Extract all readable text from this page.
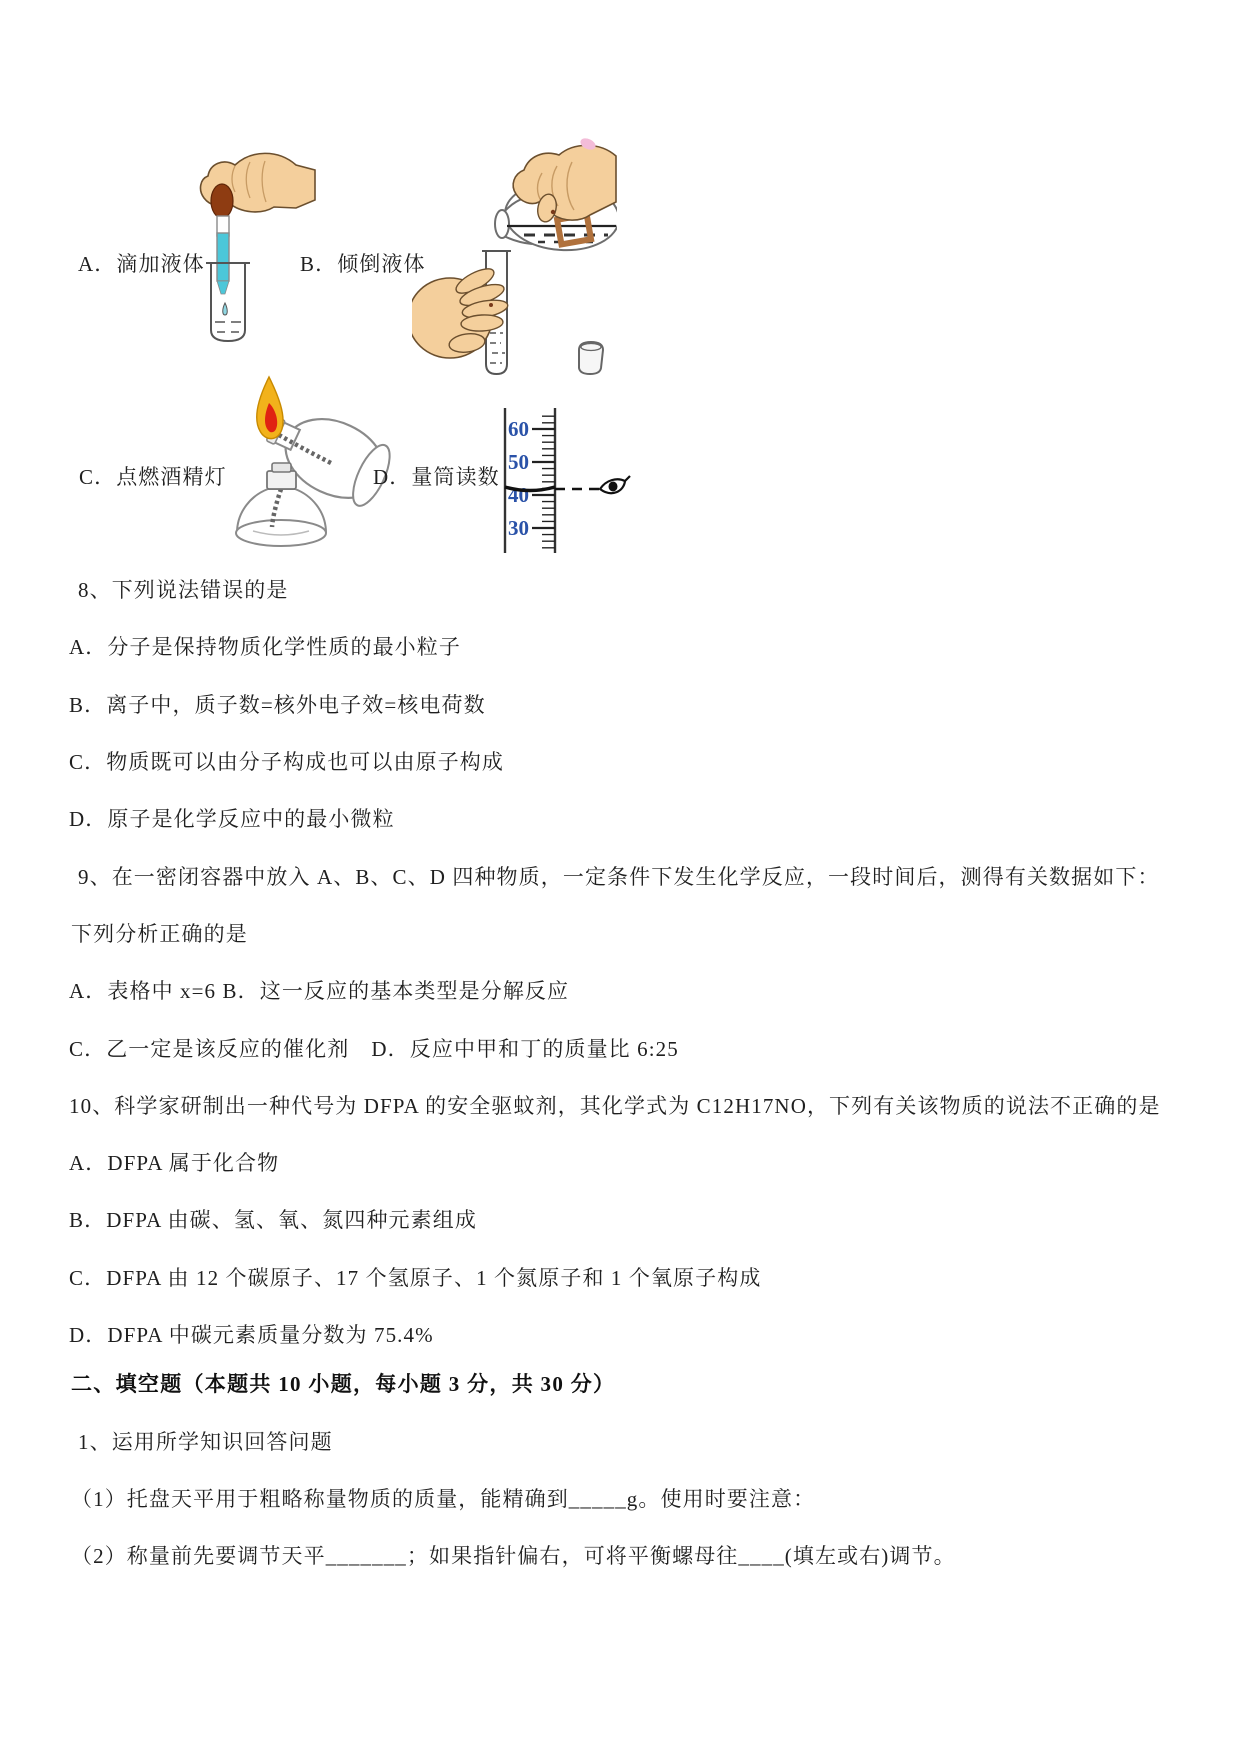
60
50
40
30
A．滴加液体	B．倾倒液体
C．点燃酒精灯	D．量筒读数
8、下列说法错误的是
A．分子是保持物质化学性质的最小粒子
B．离子中，质子数=核外电子效=核电荷数
C．物质既可以由分子构成也可以由原子构成
D．原子是化学反应中的最小微粒
9、在一密闭容器中放入 A、B、C、D 四种物质，一定条件下发生化学反应，一段时间后，测得有关数据如下：
下列分析正确的是
A．表格中 x=6 B．这一反应的基本类型是分解反应
C．乙一定是该反应的催化剂　D．反应中甲和丁的质量比 6:25
10、科学家研制出一种代号为 DFPA 的安全驱蚊剂，其化学式为 C12H17NO，下列有关该物质的说法不正确的是
A．DFPA 属于化合物
B．DFPA 由碳、氢、氧、氮四种元素组成
C．DFPA 由 12 个碳原子、17 个氢原子、1 个氮原子和 1 个氧原子构成
D．DFPA 中碳元素质量分数为 75.4%
二、填空题（本题共 10 小题，每小题 3 分，共 30 分）
1、运用所学知识回答问题
（1）托盘天平用于粗略称量物质的质量，能精确到_____g。使用时要注意：
（2）称量前先要调节天平_______；如果指针偏右，可将平衡螺母往____(填左或右)调节。
